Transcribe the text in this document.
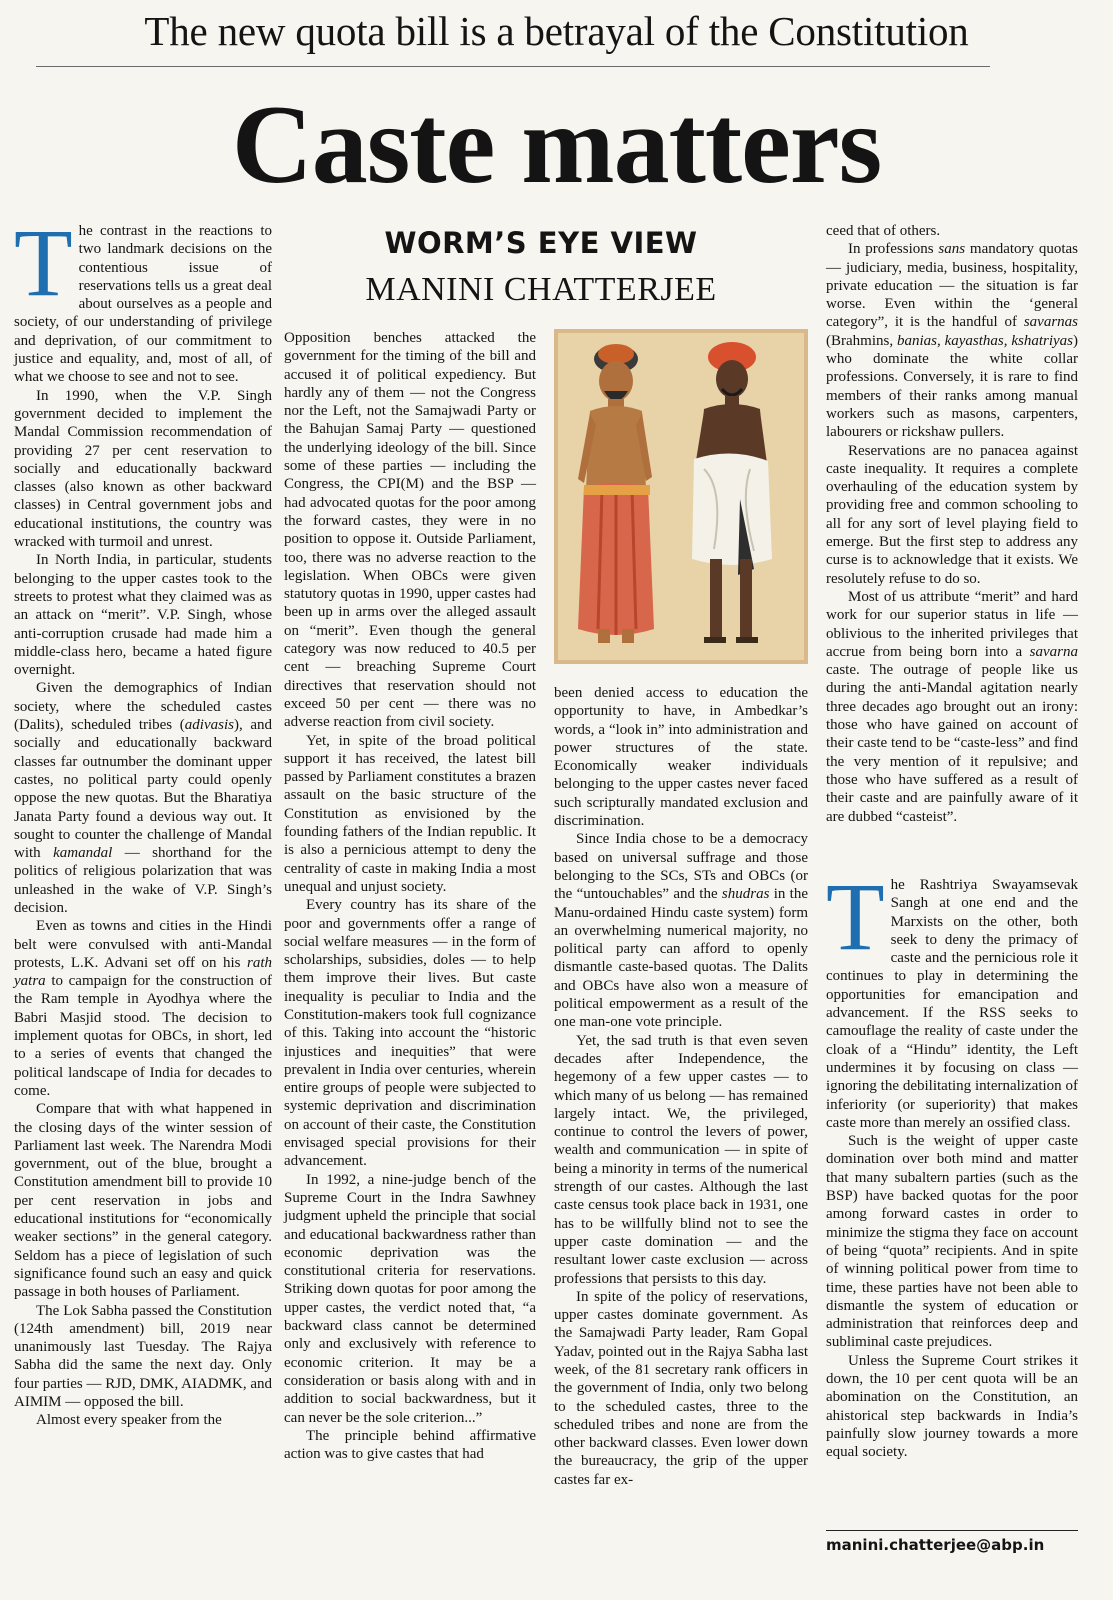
The new quota bill is a betrayal of the Constitution
Caste matters

The contrast in the reactions to two landmark decisions on the contentious issue of reservations tells us a great deal about ourselves as a people and society, of our understanding of privilege and deprivation, of our commitment to justice and equality, and, most of all, of what we choose to see and not to see.

In 1990, when the V.P. Singh government decided to implement the Mandal Commission recommendation of providing 27 per cent reservation to socially and educationally backward classes (also known as other backward classes) in Central government jobs and educational institutions, the country was wracked with turmoil and unrest.

In North India, in particular, students belonging to the upper castes took to the streets to protest what they claimed was as an attack on “merit”. V.P. Singh, whose anti-corruption crusade had made him a middle-class hero, became a hated figure overnight.

Given the demographics of Indian society, where the scheduled castes (Dalits), scheduled tribes (adivasis), and socially and educationally backward classes far outnumber the dominant upper castes, no political party could openly oppose the new quotas. But the Bharatiya Janata Party found a devious way out. It sought to counter the challenge of Mandal with kamandal — shorthand for the politics of religious polarization that was unleashed in the wake of V.P. Singh’s decision.

Even as towns and cities in the Hindi belt were convulsed with anti-Mandal protests, L.K. Advani set off on his rath yatra to campaign for the construction of the Ram temple in Ayodhya where the Babri Masjid stood. The decision to implement quotas for OBCs, in short, led to a series of events that changed the political landscape of India for decades to come.

Compare that with what happened in the closing days of the winter session of Parliament last week. The Narendra Modi government, out of the blue, brought a Constitution amendment bill to provide 10 per cent reservation in jobs and educational institutions for “economically weaker sections” in the general category. Seldom has a piece of legislation of such significance found such an easy and quick passage in both houses of Parliament.

The Lok Sabha passed the Constitution (124th amendment) bill, 2019 near unanimously last Tuesday. The Rajya Sabha did the same the next day. Only four parties — RJD, DMK, AIADMK, and AIMIM — opposed the bill.

Almost every speaker from the

WORM’S EYE VIEW
MANINI CHATTERJEE

Opposition benches attacked the government for the timing of the bill and accused it of political expediency. But hardly any of them — not the Congress nor the Left, not the Samajwadi Party or the Bahujan Samaj Party — questioned the underlying ideology of the bill. Since some of these parties — including the Congress, the CPI(M) and the BSP — had advocated quotas for the poor among the forward castes, they were in no position to oppose it. Outside Parliament, too, there was no adverse reaction to the legislation. When OBCs were given statutory quotas in 1990, upper castes had been up in arms over the alleged assault on “merit”. Even though the general category was now reduced to 40.5 per cent — breaching Supreme Court directives that reservation should not exceed 50 per cent — there was no adverse reaction from civil society.

Yet, in spite of the broad political support it has received, the latest bill passed by Parliament constitutes a brazen assault on the basic structure of the Constitution as envisioned by the founding fathers of the Indian republic. It is also a pernicious attempt to deny the centrality of caste in making India a most unequal and unjust society.

Every country has its share of the poor and governments offer a range of social welfare measures — in the form of scholarships, subsidies, doles — to help them improve their lives. But caste inequality is peculiar to India and the Constitution-makers took full cognizance of this. Taking into account the “historic injustices and inequities” that were prevalent in India over centuries, wherein entire groups of people were subjected to systemic deprivation and discrimination on account of their caste, the Constitution envisaged special provisions for their advancement.

In 1992, a nine-judge bench of the Supreme Court in the Indra Sawhney judgment upheld the principle that social and educational backwardness rather than economic deprivation was the constitutional criteria for reservations. Striking down quotas for poor among the upper castes, the verdict noted that, “a backward class cannot be determined only and exclusively with reference to economic criterion. It may be a consideration or basis along with and in addition to social backwardness, but it can never be the sole criterion...”

The principle behind affirmative action was to give castes that had

been denied access to education the opportunity to have, in Ambedkar’s words, a “look in” into administration and power structures of the state. Economically weaker individuals belonging to the upper castes never faced such scripturally mandated exclusion and discrimination.

Since India chose to be a democracy based on universal suffrage and those belonging to the SCs, STs and OBCs (or the “untouchables” and the shudras in the Manu-ordained Hindu caste system) form an overwhelming numerical majority, no political party can afford to openly dismantle caste-based quotas. The Dalits and OBCs have also won a measure of political empowerment as a result of the one man-one vote principle.

Yet, the sad truth is that even seven decades after Independence, the hegemony of a few upper castes — to which many of us belong — has remained largely intact. We, the privileged, continue to control the levers of power, wealth and communication — in spite of being a minority in terms of the numerical strength of our castes. Although the last caste census took place back in 1931, one has to be willfully blind not to see the upper caste domination — and the resultant lower caste exclusion — across professions that persists to this day.

In spite of the policy of reservations, upper castes dominate government. As the Samajwadi Party leader, Ram Gopal Yadav, pointed out in the Rajya Sabha last week, of the 81 secretary rank officers in the government of India, only two belong to the scheduled castes, three to the scheduled tribes and none are from the other backward classes. Even lower down the bureaucracy, the grip of the upper castes far ex-

ceed that of others.

In professions sans mandatory quotas — judiciary, media, business, hospitality, private education — the situation is far worse. Even within the ‘general category”, it is the handful of savarnas (Brahmins, banias, kayasthas, kshatriyas) who dominate the white collar professions. Conversely, it is rare to find members of their ranks among manual workers such as masons, carpenters, labourers or rickshaw pullers.

Reservations are no panacea against caste inequality. It requires a complete overhauling of the education system by providing free and common schooling to all for any sort of level playing field to emerge. But the first step to address any curse is to acknowledge that it exists. We resolutely refuse to do so.

Most of us attribute “merit” and hard work for our superior status in life — oblivious to the inherited privileges that accrue from being born into a savarna caste. The outrage of people like us during the anti-Mandal agitation nearly three decades ago brought out an irony: those who have gained on account of their caste tend to be “caste-less” and find the very mention of it repulsive; and those who have suffered as a result of their caste and are painfully aware of it are dubbed “casteist”.

The Rashtriya Swayamsevak Sangh at one end and the Marxists on the other, both seek to deny the primacy of caste and the pernicious role it continues to play in determining the opportunities for emancipation and advancement. If the RSS seeks to camouflage the reality of caste under the cloak of a “Hindu” identity, the Left undermines it by focusing on class — ignoring the debilitating internalization of inferiority (or superiority) that makes caste more than merely an ossified class.

Such is the weight of upper caste domination over both mind and matter that many subaltern parties (such as the BSP) have backed quotas for the poor among forward castes in order to minimize the stigma they face on account of being “quota” recipients. And in spite of winning political power from time to time, these parties have not been able to dismantle the system of education or administration that reinforces deep and subliminal caste prejudices.

Unless the Supreme Court strikes it down, the 10 per cent quota will be an abomination on the Constitution, an ahistorical step backwards in India’s painfully slow journey towards a more equal society.

manini.chatterjee@abp.in
